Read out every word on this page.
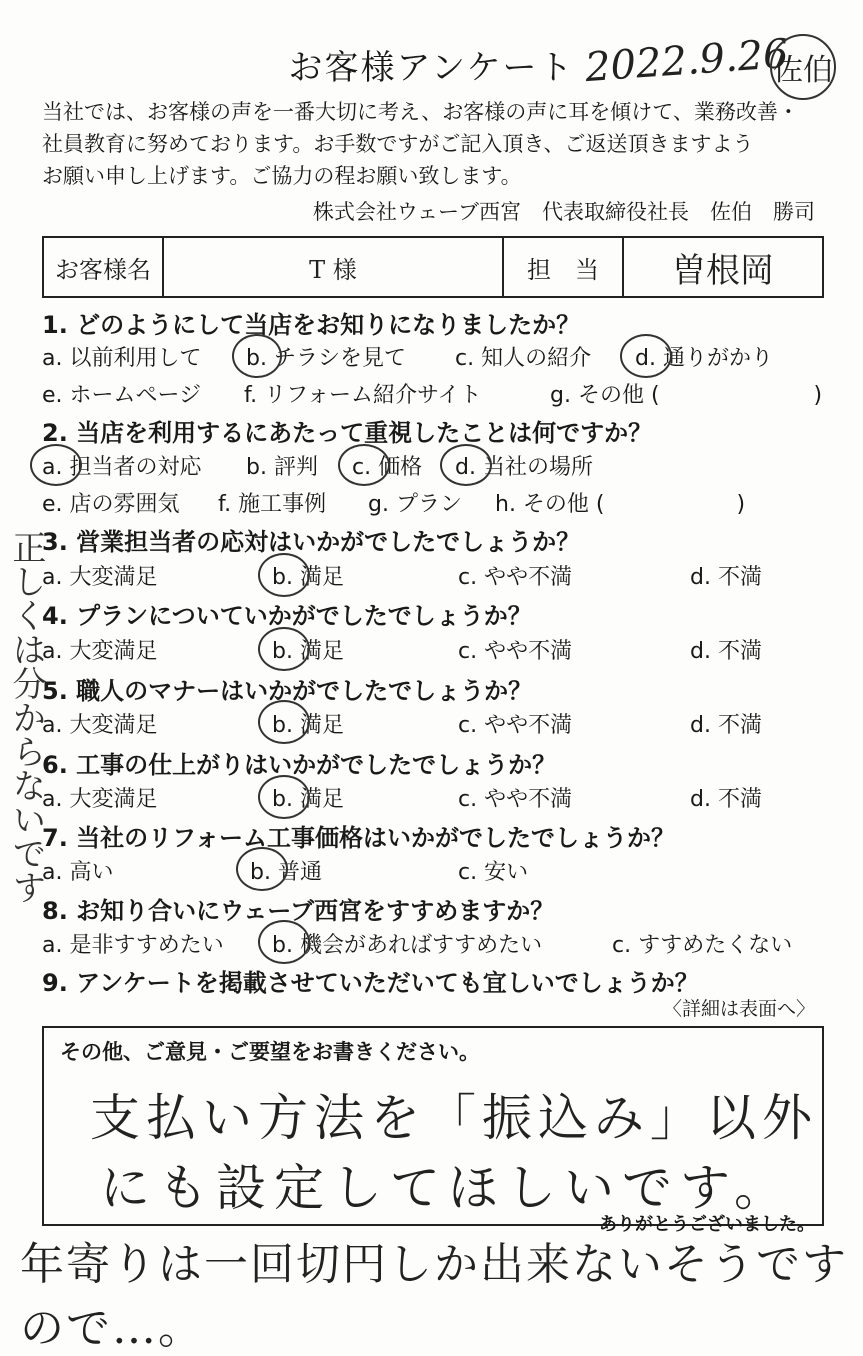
お客様アンケート 2022.9.26
佐伯
当社では、お客様の声を一番大切に考え、お客様の声に耳を傾けて、業務改善・
社員教育に努めております。お手数ですがご記入頂き、ご返送頂きますよう
お願い申し上げます。ご協力の程お願い致します。
株式会社ウェーブ西宮　代表取締役社長　佐伯　勝司
お客様名	T 様	担　当	曽根岡
1. どのようにして当店をお知りになりましたか？
a. 以前利用して b. チラシを見て c. 知人の紹介 d. 通りがかり
e. ホームページ f. リフォーム紹介サイト	g. その他 (　　　　　　　)
2. 当店を利用するにあたって重視したことは何ですか？
a. 担当者の対応 b. 評判 c. 価格 d. 当社の場所
e. 店の雰囲気 f. 施工事例 g. プラン h. その他 (　　　　　　)
3. 営業担当者の応対はいかがでしたでしょうか？
a. 大変満足	b. 満足	c. やや不満	d. 不満
4. プランについていかがでしたでしょうか？
a. 大変満足	b. 満足	c. やや不満	d. 不満
5. 職人のマナーはいかがでしたでしょうか？
a. 大変満足	b. 満足	c. やや不満	d. 不満
6. 工事の仕上がりはいかがでしたでしょうか？
a. 大変満足	b. 満足	c. やや不満	d. 不満
7. 当社のリフォーム工事価格はいかがでしたでしょうか？
a. 高い	b. 普通	c. 安い
8. お知り合いにウェーブ西宮をすすめますか？
a. 是非すすめたい b. 機会があればすすめたい	c. すすめたくない
9. アンケートを掲載させていただいても宜しいでしょうか？
〈詳細は表面へ〉
正しくは分からないです
その他、ご意見・ご要望をお書きください。
支払い方法を「振込み」以外
にも設定してほしいです。
ありがとうございました。
年寄りは一回切円しか出来ないそうですので…。
